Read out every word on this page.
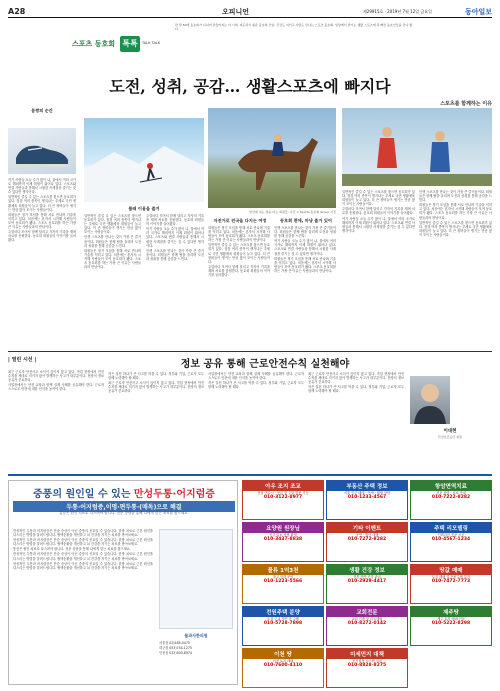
A28	오피니언	제29915호 · 2019년 7월 12일 금요일	동아일보
스포츠 동호회 톡톡	TALK TALK
한 달 50개 동호회가 나뉘어 만들어지는 이 시대. 피곤하기 쉬운 동호회 모임, 건강도 지키고 사람도 만나는 스포츠 동호회. 일상에서 즐기는 생활 스포츠에 푹 빠진 동호인들을 만나 봤다.
도전, 성취, 공감… 생활스포츠에 빠지다
몸짱의 순간

여기 사람들 오늘 수가 많이 나, 풀에서 여러 국가로 해외까지 이제 회원이 뛰어나 있다. 스포츠와 연결 사람들과 통해서 시원한 사계절을 즐기는 것 수 있다면 생각이다.

일반적인 즐길 수 있는 스포츠를 찾으면 동호회가 있다. 점점 여러 종목이 생겨나는 추세로 국민 생활체육 회원들이 늘고 있다. 더 큰 장비들이 생기는 만큼 많이 모이는 사람들이다.

회원들은 정기 모임을 통해 서로 만나며 기술을 익히고 있다. 처음에는 혼자서 시작해 사람들이 모여 동호회가 됐다. 스포츠 동호회를 하는 가장 큰 이유는 사람들과의 만남이다.

주말마다 모여서 함께 달리고 각자의 기록을 재며 서로를 응원한다. 동호회 회원들의 이야기를 들어봤다.

플래 이용을 즐겨

일반적인 즐길 수 있는 스포츠를 찾으면 동호회가 있다. 점점 여러 종목이 생겨나는 추세로 국민 생활체육 회원들이 늘고 있다. 더 큰 장비들이 생기는 만큼 많이 모이는 사람들이다.

인생 스포츠를 만나는 것이 가장 큰 즐거움이다. 회원들은 함께 땀을 흘리며 도전과 성취를 통해 공감을 느낀다.

회원들은 정기 모임을 통해 서로 만나며 기술을 익히고 있다. 처음에는 혼자서 시작해 사람들이 모여 동호회가 됐다. 스포츠 동호회를 하는 가장 큰 이유는 사람들과의 만남이다.

주말마다 모여서 함께 달리고 각자의 기록을 재며 서로를 응원한다. 동호회 회원들의 이야기를 들어봤다.

여기 사람들 오늘 수가 많이 나, 풀에서 여러 국가로 해외까지 이제 회원이 뛰어나 있다. 스포츠와 연결 사람들과 통해서 시원한 사계절을 즐기는 것 수 있다면 생각이다.

인생 스포츠를 만나는 것이 가장 큰 즐거움이다. 회원들은 함께 땀을 흘리며 도전과 성취를 통해 공감을 느낀다.

말산데 하는 말을 타는 회원들. 사진 = Sports 동호회 Group 사진
자전거로 전국을 다지는 여정	동호회 편에, 마냥 즐거 있어

회원들은 정기 모임을 통해 서로 만나며 기술을 익히고 있다. 처음에는 혼자서 시작해 사람들이 모여 동호회가 됐다. 스포츠 동호회를 하는 가장 큰 이유는 사람들과의 만남이다.

일반적인 즐길 수 있는 스포츠를 찾으면 동호회가 있다. 점점 여러 종목이 생겨나는 추세로 국민 생활체육 회원들이 늘고 있다. 더 큰 장비들이 생기는 만큼 많이 모이는 사람들이다.

주말마다 모여서 함께 달리고 각자의 기록을 재며 서로를 응원한다. 동호회 회원들의 이야기를 들어봤다.

인생 스포츠를 만나는 것이 가장 큰 즐거움이다. 회원들은 함께 땀을 흘리며 도전과 성취를 통해 공감을 느낀다.

여기 사람들 오늘 수가 많이 나, 풀에서 여러 국가로 해외까지 이제 회원이 뛰어나 있다. 스포츠와 연결 사람들과 통해서 시원한 사계절을 즐기는 것 수 있다면 생각이다.

회원들은 정기 모임을 통해 서로 만나며 기술을 익히고 있다. 처음에는 혼자서 시작해 사람들이 모여 동호회가 됐다. 스포츠 동호회를 하는 가장 큰 이유는 사람들과의 만남이다.

스포츠를 함께하는 이유

일반적인 즐길 수 있는 스포츠를 찾으면 동호회가 있다. 점점 여러 종목이 생겨나는 추세로 국민 생활체육 회원들이 늘고 있다. 더 큰 장비들이 생기는 만큼 많이 모이는 사람들이다.

주말마다 모여서 함께 달리고 각자의 기록을 재며 서로를 응원한다. 동호회 회원들의 이야기를 들어봤다.

여기 사람들 오늘 수가 많이 나, 풀에서 여러 국가로 해외까지 이제 회원이 뛰어나 있다. 스포츠와 연결 사람들과 통해서 시원한 사계절을 즐기는 것 수 있다면 생각이다.

인생 스포츠를 만나는 것이 가장 큰 즐거움이다. 회원들은 함께 땀을 흘리며 도전과 성취를 통해 공감을 느낀다.

회원들은 정기 모임을 통해 서로 만나며 기술을 익히고 있다. 처음에는 혼자서 시작해 사람들이 모여 동호회가 됐다. 스포츠 동호회를 하는 가장 큰 이유는 사람들과의 만남이다.

일반적인 즐길 수 있는 스포츠를 찾으면 동호회가 있다. 점점 여러 종목이 생겨나는 추세로 국민 생활체육 회원들이 늘고 있다. 더 큰 장비들이 생기는 만큼 많이 모이는 사람들이다.

| 열린 시선 |	정보 공유 통해 근로안전수칙 실천해야

최근 근로자 안전사고 소식이 끊이지 않고 있다. 작업 현장에서 안전수칙을 제대로 지키지 않아 발생하는 사고가 대부분이다. 현장의 정보 공유가 중요하다.

사업장에서는 안전 교육과 함께 실제 사례를 공유해야 한다. 근로자 스스로도 안전에 대한 인식을 높여야 한다.

작은 실천 하나가 큰 사고를 막을 수 있다. 정부와 기업, 근로자 모두 함께 노력해야 할 때다.

최근 근로자 안전사고 소식이 끊이지 않고 있다. 작업 현장에서 안전수칙을 제대로 지키지 않아 발생하는 사고가 대부분이다. 현장의 정보 공유가 중요하다.

사업장에서는 안전 교육과 함께 실제 사례를 공유해야 한다. 근로자 스스로도 안전에 대한 인식을 높여야 한다.

작은 실천 하나가 큰 사고를 막을 수 있다. 정부와 기업, 근로자 모두 함께 노력해야 할 때다.

최근 근로자 안전사고 소식이 끊이지 않고 있다. 작업 현장에서 안전수칙을 제대로 지키지 않아 발생하는 사고가 대부분이다. 현장의 정보 공유가 중요하다.

작은 실천 하나가 큰 사고를 막을 수 있다. 정부와 기업, 근로자 모두 함께 노력해야 할 때다.

이대현
안전보건공단 위원
중풍의 원인일 수 있는 만성두통·어지럼증
두통·어지럼증,이명·편두통·(매독)으로 해결
통증은 원인 치료로 다스려야 합니다. 전문 상담을 통해 나에게 맞는 치료를 찾으세요.

만성적인 두통과 어지럼증은 단순 증상이 아닌 중풍의 신호일 수 있습니다. 한방 치료로 근본 원인을 다스리는 방법을 알려드립니다. 혈액순환을 개선하고 뇌 건강을 지키는 치료를 받아보세요.

만성적인 두통과 어지럼증은 단순 증상이 아닌 중풍의 신호일 수 있습니다. 한방 치료로 근본 원인을 다스리는 방법을 알려드립니다. 혈액순환을 개선하고 뇌 건강을 지키는 치료를 받아보세요.

통증은 원인 치료로 다스려야 합니다. 전문 상담을 통해 나에게 맞는 치료를 찾으세요.

만성적인 두통과 어지럼증은 단순 증상이 아닌 중풍의 신호일 수 있습니다. 한방 치료로 근본 원인을 다스리는 방법을 알려드립니다. 혈액순환을 개선하고 뇌 건강을 지키는 치료를 받아보세요.

만성적인 두통과 어지럼증은 단순 증상이 아닌 중풍의 신호일 수 있습니다. 한방 치료로 근본 원인을 다스리는 방법을 알려드립니다. 혈액순환을 개선하고 뇌 건강을 지키는 치료를 받아보세요.

물과사한의원
서울점 02)585-0475
대구점 053)744-1275
인천점 032)500-8974
아우 조지 조교
전남 여수시 · 공급 및 주말 방문 가능
010-3122-8977
부동산 주택 정보
서울 인근 매매 · 전세 · 월세 상담
010-1233-4567
항암면역치료
전문 상담 · 치료 안내
010-7222-8282
요양원 원장님
신규 입소 상담 환영
010-3437-8838
기타 이벤트
공연 · 행사 대행
010-7272-8282
주택 리모델링
인테리어 전문 시공
010-4567-1234
물류 1억3천
창고 임대 문의
010-1223-5566
생활 건강 정보
전통 한방 건강 관리
010-2929-4417
땅값 매매
토지 매매 및 전원주택 부지
010-7472-7773
전원주택 분양
도심 근교 자연 속 주택
010-5728-7898
교회전문
교회 건축 및 리모델링
010-8272-0142
제주땅
제주 토지 매매 전문
010-5222-8298
이천 땅
이천 토지 매매
010-7600-4110
미세먼지 대책
공기청정 시스템 설치
010-8828-8275
